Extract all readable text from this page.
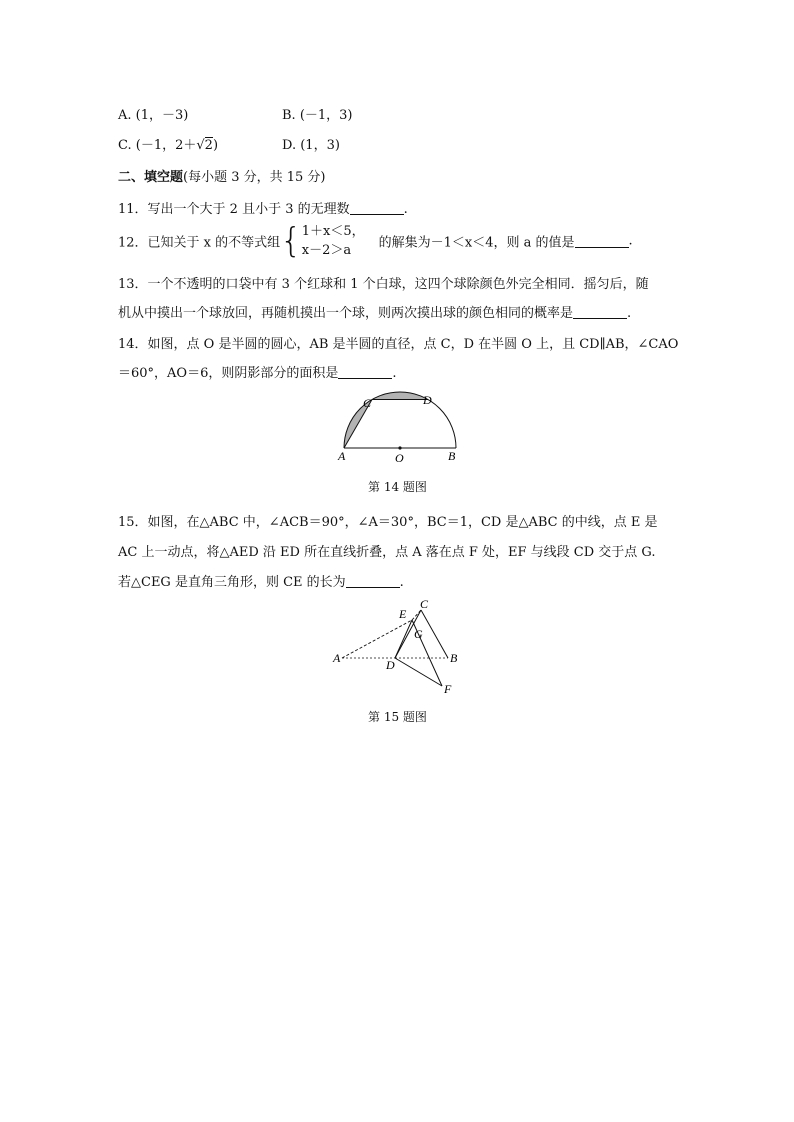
A. (1，－3)	B. (－1，3)
C. (－1，2＋√2)	D. (1，3)
二、填空题(每小题 3 分，共 15 分)
11．写出一个大于 2 且小于 3 的无理数	.
12．已知关于 x 的不等式组{ 1＋x＜5，
x－2＞a	的解集为－1＜x＜4，则 a 的值是	.
13．一个不透明的口袋中有 3 个红球和 1 个白球，这四个球除颜色外完全相同．摇匀后，随
机从中摸出一个球放回，再随机摸出一个球，则两次摸出球的颜色相同的概率是	.
14．如图，点 O 是半圆的圆心，AB 是半圆的直径，点 C，D 在半圆 O 上，且 CD∥AB，∠CAO
＝60°，AO＝6，则阴影部分的面积是	.
A	O	B
C	D
第 14 题图
15．如图，在△ABC 中，∠ACB＝90°，∠A＝30°，BC＝1，CD 是△ABC 的中线，点 E 是
AC 上一动点，将△AED 沿 ED 所在直线折叠，点 A 落在点 F 处，EF 与线段 CD 交于点 G.
若△CEG 是直角三角形，则 CE 的长为	.
A	B
C
D
E
F
G
第 15 题图
